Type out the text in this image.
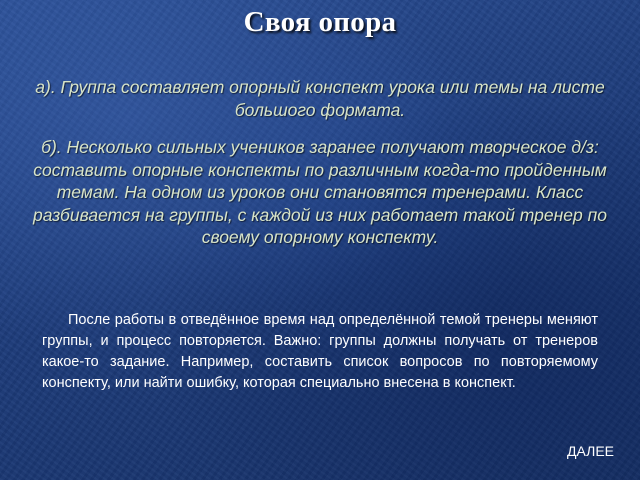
Своя опора
а). Группа составляет опорный конспект урока или темы на листе большого формата.
б). Несколько сильных учеников заранее получают творческое д/з: составить опорные конспекты по различным когда-то пройденным темам. На одном из уроков они становятся тренерами. Класс разбивается на группы, с каждой из них работает такой тренер по своему опорному конспекту.
После работы в отведённое время над определённой темой тренеры меняют группы, и процесс повторяется. Важно: группы должны получать от тренеров какое-то задание. Например, составить список вопросов по повторяемому конспекту, или найти ошибку, которая специально внесена в конспект.
ДАЛЕЕ
